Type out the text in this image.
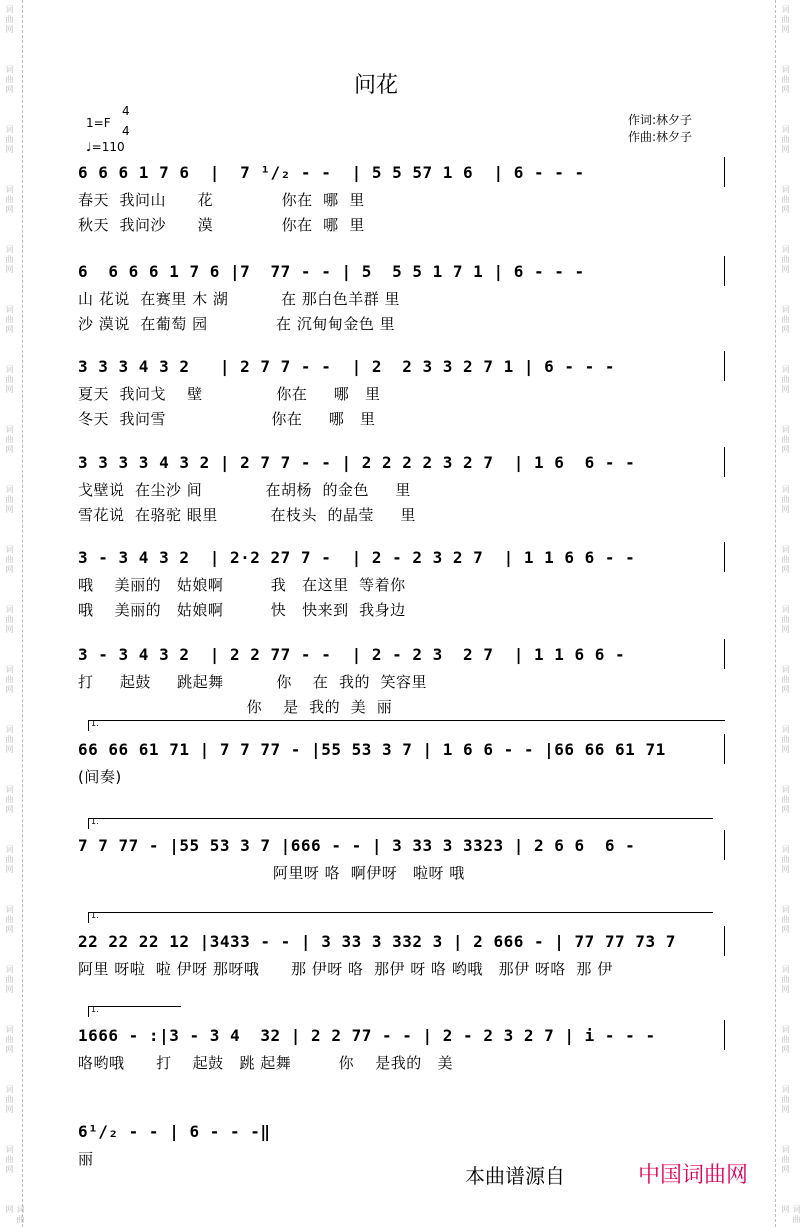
词曲网
词曲网
词曲网
词曲网
词曲网
词曲网
词曲网
词曲网
词曲网
词曲网
词曲网
词曲网
词曲网
词曲网
词曲网
词曲网
词曲网
词曲网
词曲网
词曲网
词曲网
词曲网
词曲网
词曲网
词曲网
词曲网
词曲网
词曲网
词曲网
词曲网
词曲网
词曲网
词曲网
词曲网
词曲网
词曲网
词曲网
词曲网
词曲网
词曲网
词曲网
词曲网
问花
1=F
4
4
♩=110
作词:林夕子
作曲:林夕子
6 6 6 1 7 6  |  7 ¹/₂ - -  | 5 5 57 1 6  | 6 - - -
春天  我问山      花             你在  哪  里
秋天  我问沙      漠             你在  哪  里
6  6 6 6 1 7 6 |7  77 - - | 5  5 5 1 7 1 | 6 - - -
山 花说  在赛里 木 湖          在 那白色羊群 里
沙 漠说  在葡萄 园             在 沉甸甸金色 里
3 3 3 4 3 2   | 2 7 7 - -  | 2  2 3 3 2 7 1 | 6 - - -
夏天  我问戈    壁              你在     哪   里
冬天  我问雪                    你在     哪   里
3 3 3 3 4 3 2 | 2 7 7 - - | 2 2 2 2 3 2 7  | 1 6  6 - -
戈壁说  在尘沙 间            在胡杨  的金色     里
雪花说  在骆驼 眼里          在枝头  的晶莹     里
3 - 3 4 3 2  | 2·2 27 7 -  | 2 - 2 3 2 7  | 1 1 6 6 - -
哦    美丽的   姑娘啊         我   在这里  等着你
哦    美丽的   姑娘啊         快   快来到  我身边
3 - 3 4 3 2  | 2 2 77 - -  | 2 - 2 3  2 7  | 1 1 6 6 -
打     起鼓     跳起舞          你    在  我的  笑容里
你    是  我的  美  丽
66 66 61 71 | 7 7 77 - |55 53 3 7 | 1 6 6 - - |66 66 61 71
(间奏)
7 7 77 - |55 53 3 7 |666 - - | 3 33 3 3323 | 2 6 6  6 -
阿里呀 咯  啊伊呀   啦呀 哦
22 22 22 12 |3433 - - | 3 33 3 332 3 | 2 666 - | 77 77 73 7
阿里 呀啦  啦 伊呀 那呀哦      那 伊呀 咯  那伊 呀 咯 哟哦   那伊 呀咯  那 伊
1666 - :|3 - 3 4  32 | 2 2 77 - - | 2 - 2 3 2 7 | i - - -
咯哟哦      打    起鼓   跳 起舞         你    是我的   美
6¹/₂ - - | 6 - - -‖
丽
1.
1.
1.
1.
本曲谱源自	中国词曲网
